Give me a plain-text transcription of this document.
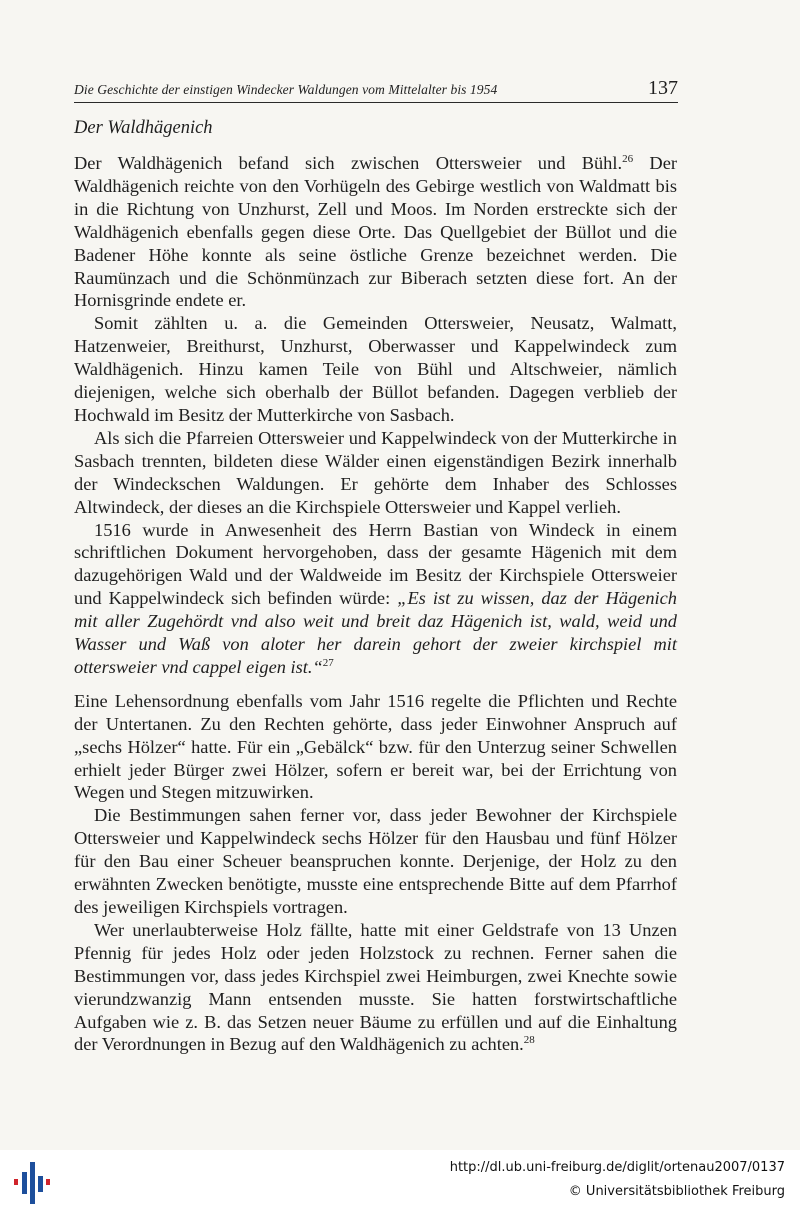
Die Geschichte der einstigen Windecker Waldungen vom Mittelalter bis 1954	137
Der Waldhägenich

Der Waldhägenich befand sich zwischen Ottersweier und Bühl.$^{26}$ Der Waldhägenich reichte von den Vorhügeln des Gebirge westlich von Waldmatt bis in die Richtung von Unzhurst, Zell und Moos. Im Norden erstreckte sich der Waldhägenich ebenfalls gegen diese Orte. Das Quellgebiet der Büllot und die Badener Höhe konnte als seine östliche Grenze bezeichnet werden. Die Raumünzach und die Schönmünzach zur Biberach setzten diese fort. An der Hornisgrinde endete er.

Somit zählten u. a. die Gemeinden Ottersweier, Neusatz, Walmatt, Hatzenweier, Breithurst, Unzhurst, Oberwasser und Kappelwindeck zum Waldhägenich. Hinzu kamen Teile von Bühl und Altschweier, nämlich diejenigen, welche sich oberhalb der Büllot befanden. Dagegen verblieb der Hochwald im Besitz der Mutterkirche von Sasbach.

Als sich die Pfarreien Ottersweier und Kappelwindeck von der Mutterkirche in Sasbach trennten, bildeten diese Wälder einen eigenständigen Bezirk innerhalb der Windeckschen Waldungen. Er gehörte dem Inhaber des Schlosses Altwindeck, der dieses an die Kirchspiele Ottersweier und Kappel verlieh.

1516 wurde in Anwesenheit des Herrn Bastian von Windeck in einem schriftlichen Dokument hervorgehoben, dass der gesamte Hägenich mit dem dazugehörigen Wald und der Waldweide im Besitz der Kirchspiele Ottersweier und Kappelwindeck sich befinden würde: „Es ist zu wissen, daz der Hägenich mit aller Zugehördt vnd also weit und breit daz Hägenich ist, wald, weid und Wasser und Waß von aloter her darein gehort der zweier kirchspiel mit ottersweier vnd cappel eigen ist.“$^{27}$

Eine Lehensordnung ebenfalls vom Jahr 1516 regelte die Pflichten und Rechte der Untertanen. Zu den Rechten gehörte, dass jeder Einwohner Anspruch auf „sechs Hölzer“ hatte. Für ein „Gebälck“ bzw. für den Unterzug seiner Schwellen erhielt jeder Bürger zwei Hölzer, sofern er bereit war, bei der Errichtung von Wegen und Stegen mitzuwirken.

Die Bestimmungen sahen ferner vor, dass jeder Bewohner der Kirchspiele Ottersweier und Kappelwindeck sechs Hölzer für den Hausbau und fünf Hölzer für den Bau einer Scheuer beanspruchen konnte. Derjenige, der Holz zu den erwähnten Zwecken benötigte, musste eine entsprechende Bitte auf dem Pfarrhof des jeweiligen Kirchspiels vortragen.

Wer unerlaubterweise Holz fällte, hatte mit einer Geldstrafe von 13 Unzen Pfennig für jedes Holz oder jeden Holzstock zu rechnen. Ferner sahen die Bestimmungen vor, dass jedes Kirchspiel zwei Heimburgen, zwei Knechte sowie vierundzwanzig Mann entsenden musste. Sie hatten forstwirtschaftliche Aufgaben wie z. B. das Setzen neuer Bäume zu erfüllen und auf die Einhaltung der Verordnungen in Bezug auf den Waldhägenich zu achten.$^{28}$

http://dl.ub.uni-freiburg.de/diglit/ortenau2007/0137
© Universitätsbibliothek Freiburg
